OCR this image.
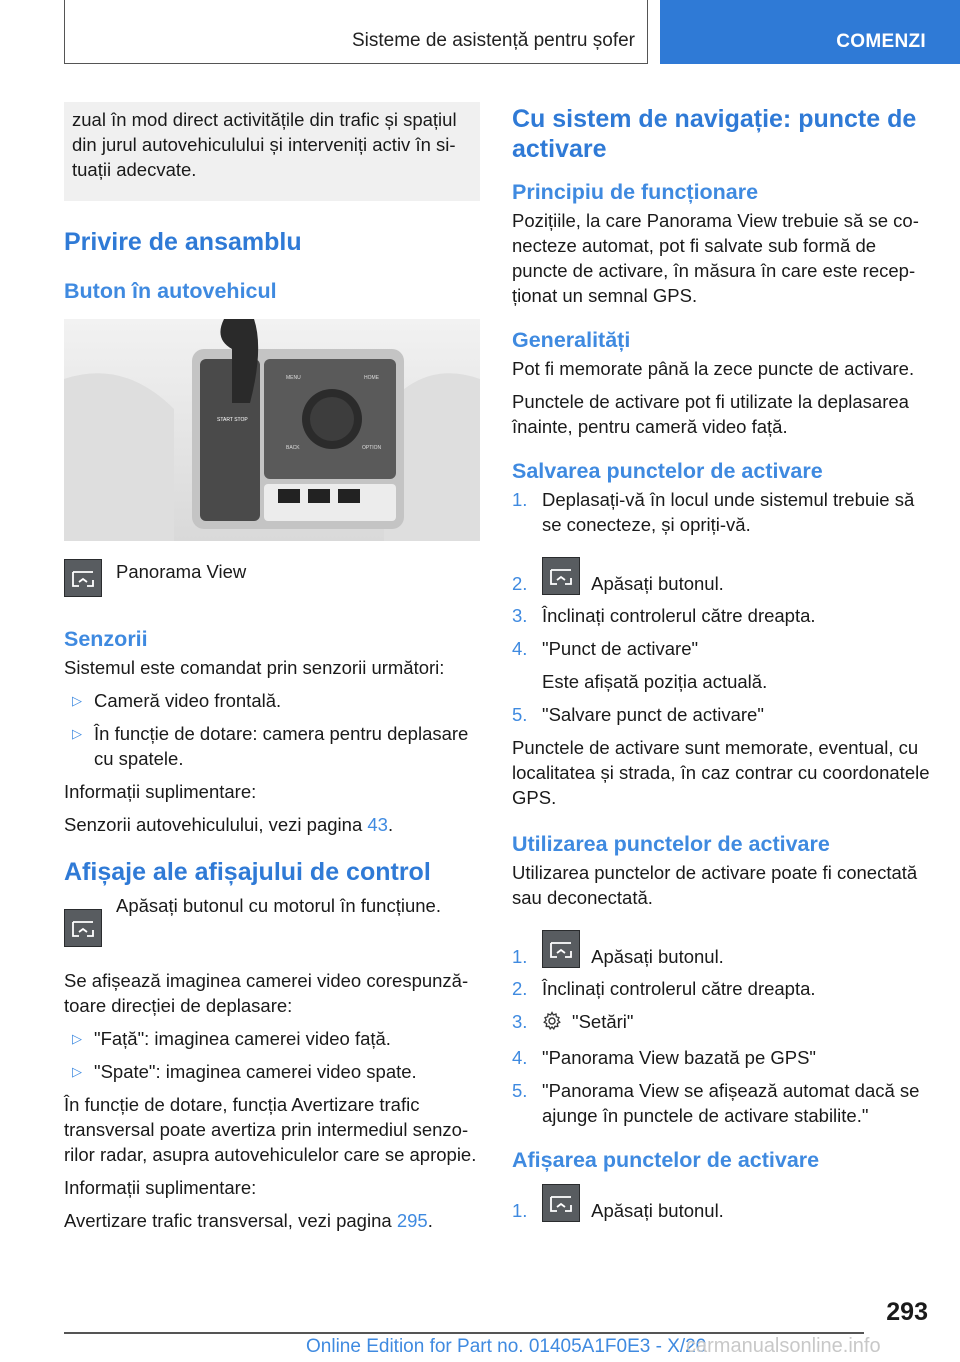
Sisteme de asistență pentru șofer	COMENZI

zual în mod direct activitățile din trafic și spațiul din jurul autovehiculului și interveniți activ în situații adecvate.

Privire de ansamblu
Buton în autovehicul
START STOP
MENU	HOME
BACK	OPTION
Panorama View
Senzorii

Sistemul este comandat prin senzorii următori:

▷ Cameră video frontală.
▷ În funcție de dotare: camera pentru deplasare cu spatele.

Informații suplimentare:

Senzorii autovehiculului, vezi pagina 43.

Afișaje ale afișajului de control
Apăsați butonul cu motorul în funcțiune.

Se afișează imaginea camerei video corespunzătoare direcției de deplasare:

▷ "Față": imaginea camerei video față.
▷ "Spate": imaginea camerei video spate.

În funcție de dotare, funcția Avertizare trafic transversal poate avertiza prin intermediul senzorilor radar, asupra autovehiculelor care se apropie.

Informații suplimentare:

Avertizare trafic transversal, vezi pagina 295.

Cu sistem de navigație: puncte de activare
Principiu de funcționare

Pozițiile, la care Panorama View trebuie să se conecteze automat, pot fi salvate sub formă de puncte de activare, în măsura în care este recepționat un semnal GPS.

Generalități

Pot fi memorate până la zece puncte de activare.

Punctele de activare pot fi utilizate la deplasarea înainte, pentru cameră video față.

Salvarea punctelor de activare
1. Deplasați-vă în locul unde sistemul trebuie să se conecteze, și opriți-vă.
2.	Apăsați butonul.
3. Înclinați controlerul către dreapta.
4. "Punct de activare"

Este afișată poziția actuală.

5. "Salvare punct de activare"

Punctele de activare sunt memorate, eventual, cu localitatea și strada, în caz contrar cu coordonatele GPS.

Utilizarea punctelor de activare

Utilizarea punctelor de activare poate fi conectată sau deconectată.

1.	Apăsați butonul.
2. Înclinați controlerul către dreapta.
3. "Setări"
4. "Panorama View bazată pe GPS"
5. "Panorama View se afișează automat dacă se ajunge în punctele de activare stabilite."
Afișarea punctelor de activare
1.	Apăsați butonul.
293
Online Edition for Part no. 01405A1F0E3 - X/20
carmanualsonline.info
